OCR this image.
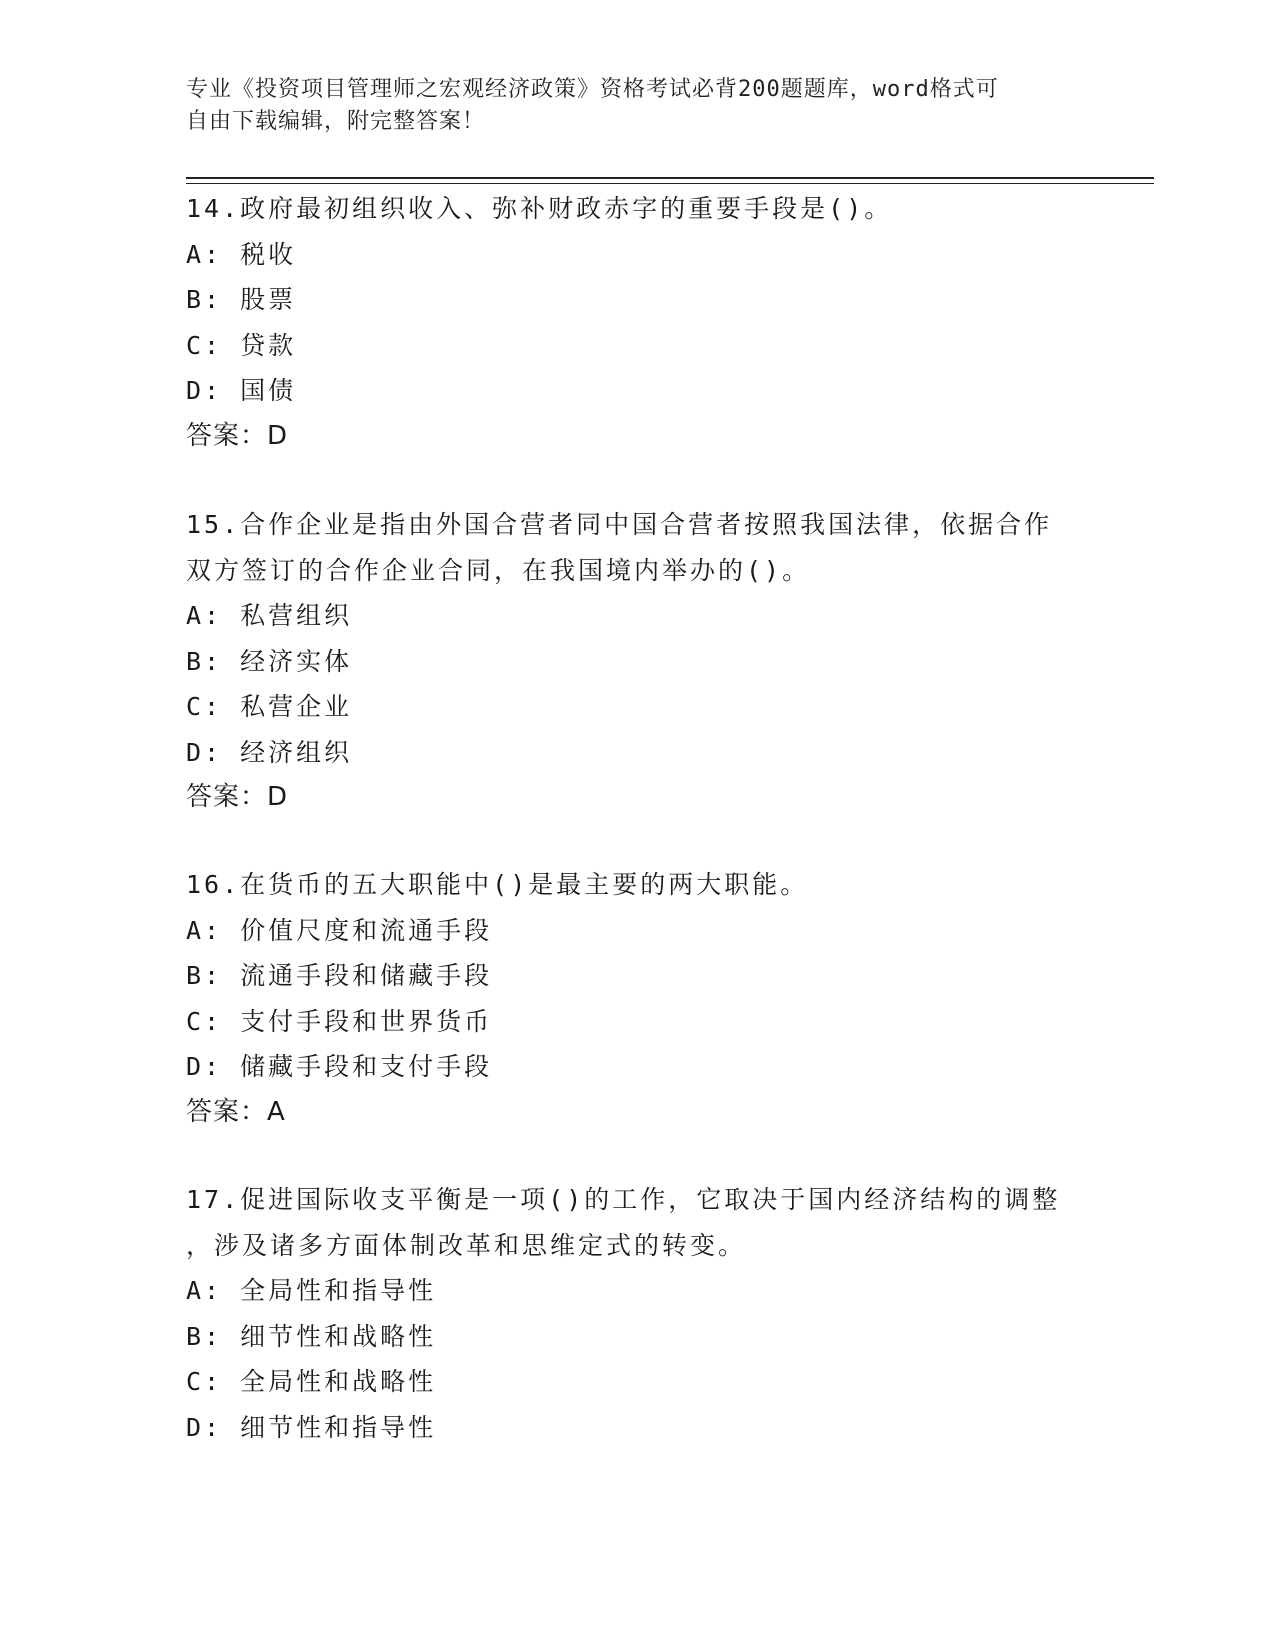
专业《投资项目管理师之宏观经济政策》资格考试必背200题题库，word格式可
自由下载编辑，附完整答案！
14.政府最初组织收入、弥补财政赤字的重要手段是()。
A: 税收
B: 股票
C: 贷款
D: 国债
答案：D
15.合作企业是指由外国合营者同中国合营者按照我国法律，依据合作
双方签订的合作企业合同，在我国境内举办的()。
A: 私营组织
B: 经济实体
C: 私营企业
D: 经济组织
答案：D
16.在货币的五大职能中()是最主要的两大职能。
A: 价值尺度和流通手段
B: 流通手段和储藏手段
C: 支付手段和世界货币
D: 储藏手段和支付手段
答案：A
17.促进国际收支平衡是一项()的工作，它取决于国内经济结构的调整
，涉及诸多方面体制改革和思维定式的转变。
A: 全局性和指导性
B: 细节性和战略性
C: 全局性和战略性
D: 细节性和指导性
